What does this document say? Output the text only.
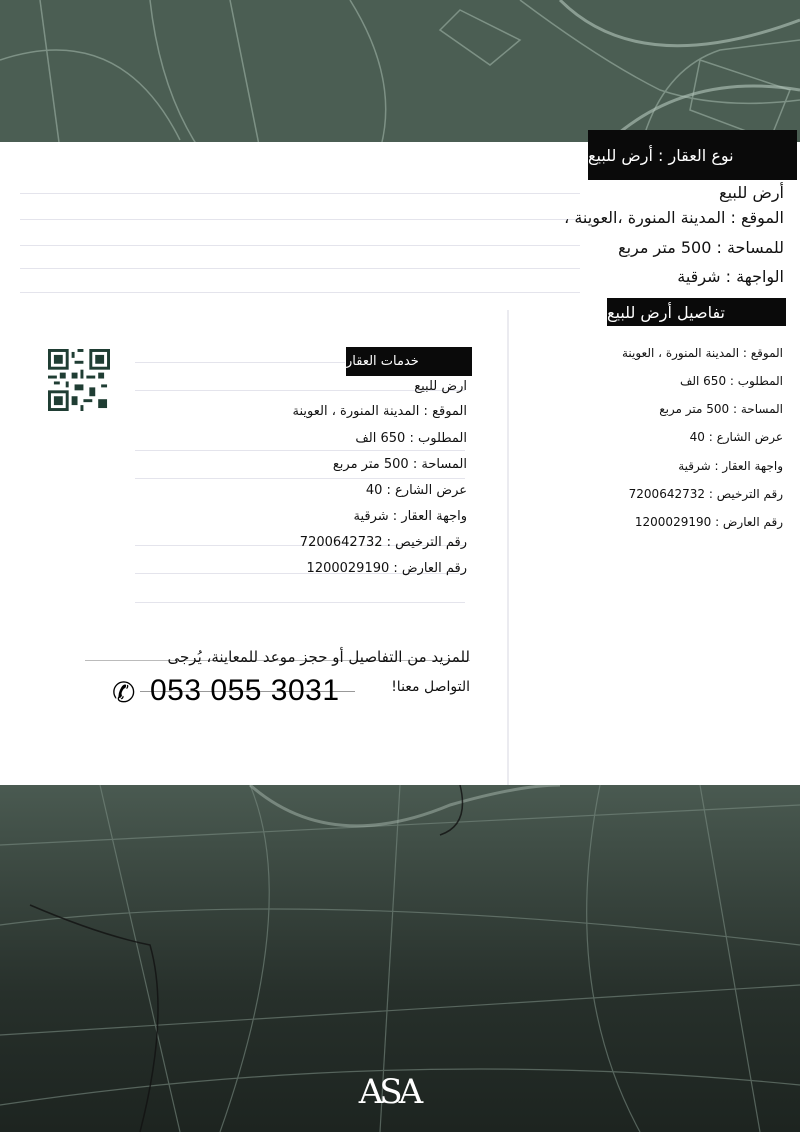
نوع العقار : أرض للبيع
أرض للبيع
الموقع : المدينة المنورة ،العوينة ،
للمساحة : 500 متر مربع
الواجهة : شرقية
تفاصيل أرض للبيع
الموقع : المدينة المنورة ، العوينة
المطلوب : 650 الف
المساحة : 500 متر مربع
عرض الشارع : 40
واجهة العقار : شرقية
رقم الترخيص : 7200642732
رقم العارض : 1200029190
خدمات العقار
ارض للبيع
الموقع : المدينة المنورة ، العوينة
المطلوب : 650 الف
المساحة : 500 متر مربع
عرض الشارع : 40
واجهة العقار : شرقية
رقم الترخيص : 7200642732
رقم العارض : 1200029190
للمزيد من التفاصيل أو حجز موعد للمعاينة، يُرجى
التواصل معنا!
✆ 053 055 3031
ASA
